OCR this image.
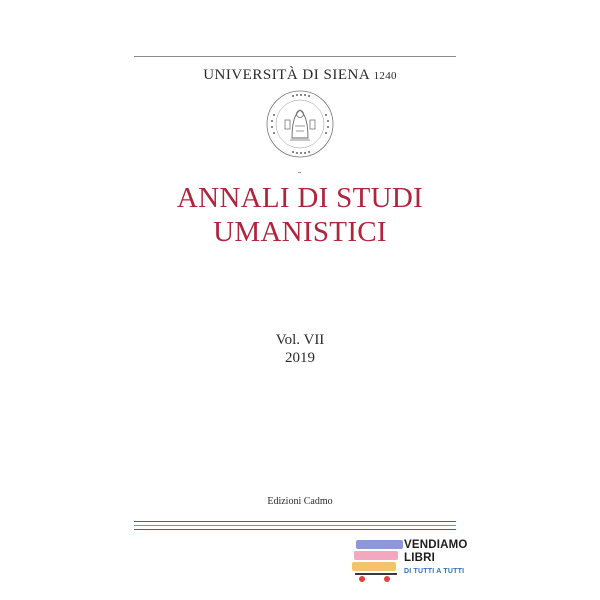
UNIVERSITÀ DI SIENA 1240
ANNALI DI STUDI
UMANISTICI
Vol. VII
2019
Edizioni Cadmo
VENDIAMO
LIBRI
DI TUTTI A TUTTI
